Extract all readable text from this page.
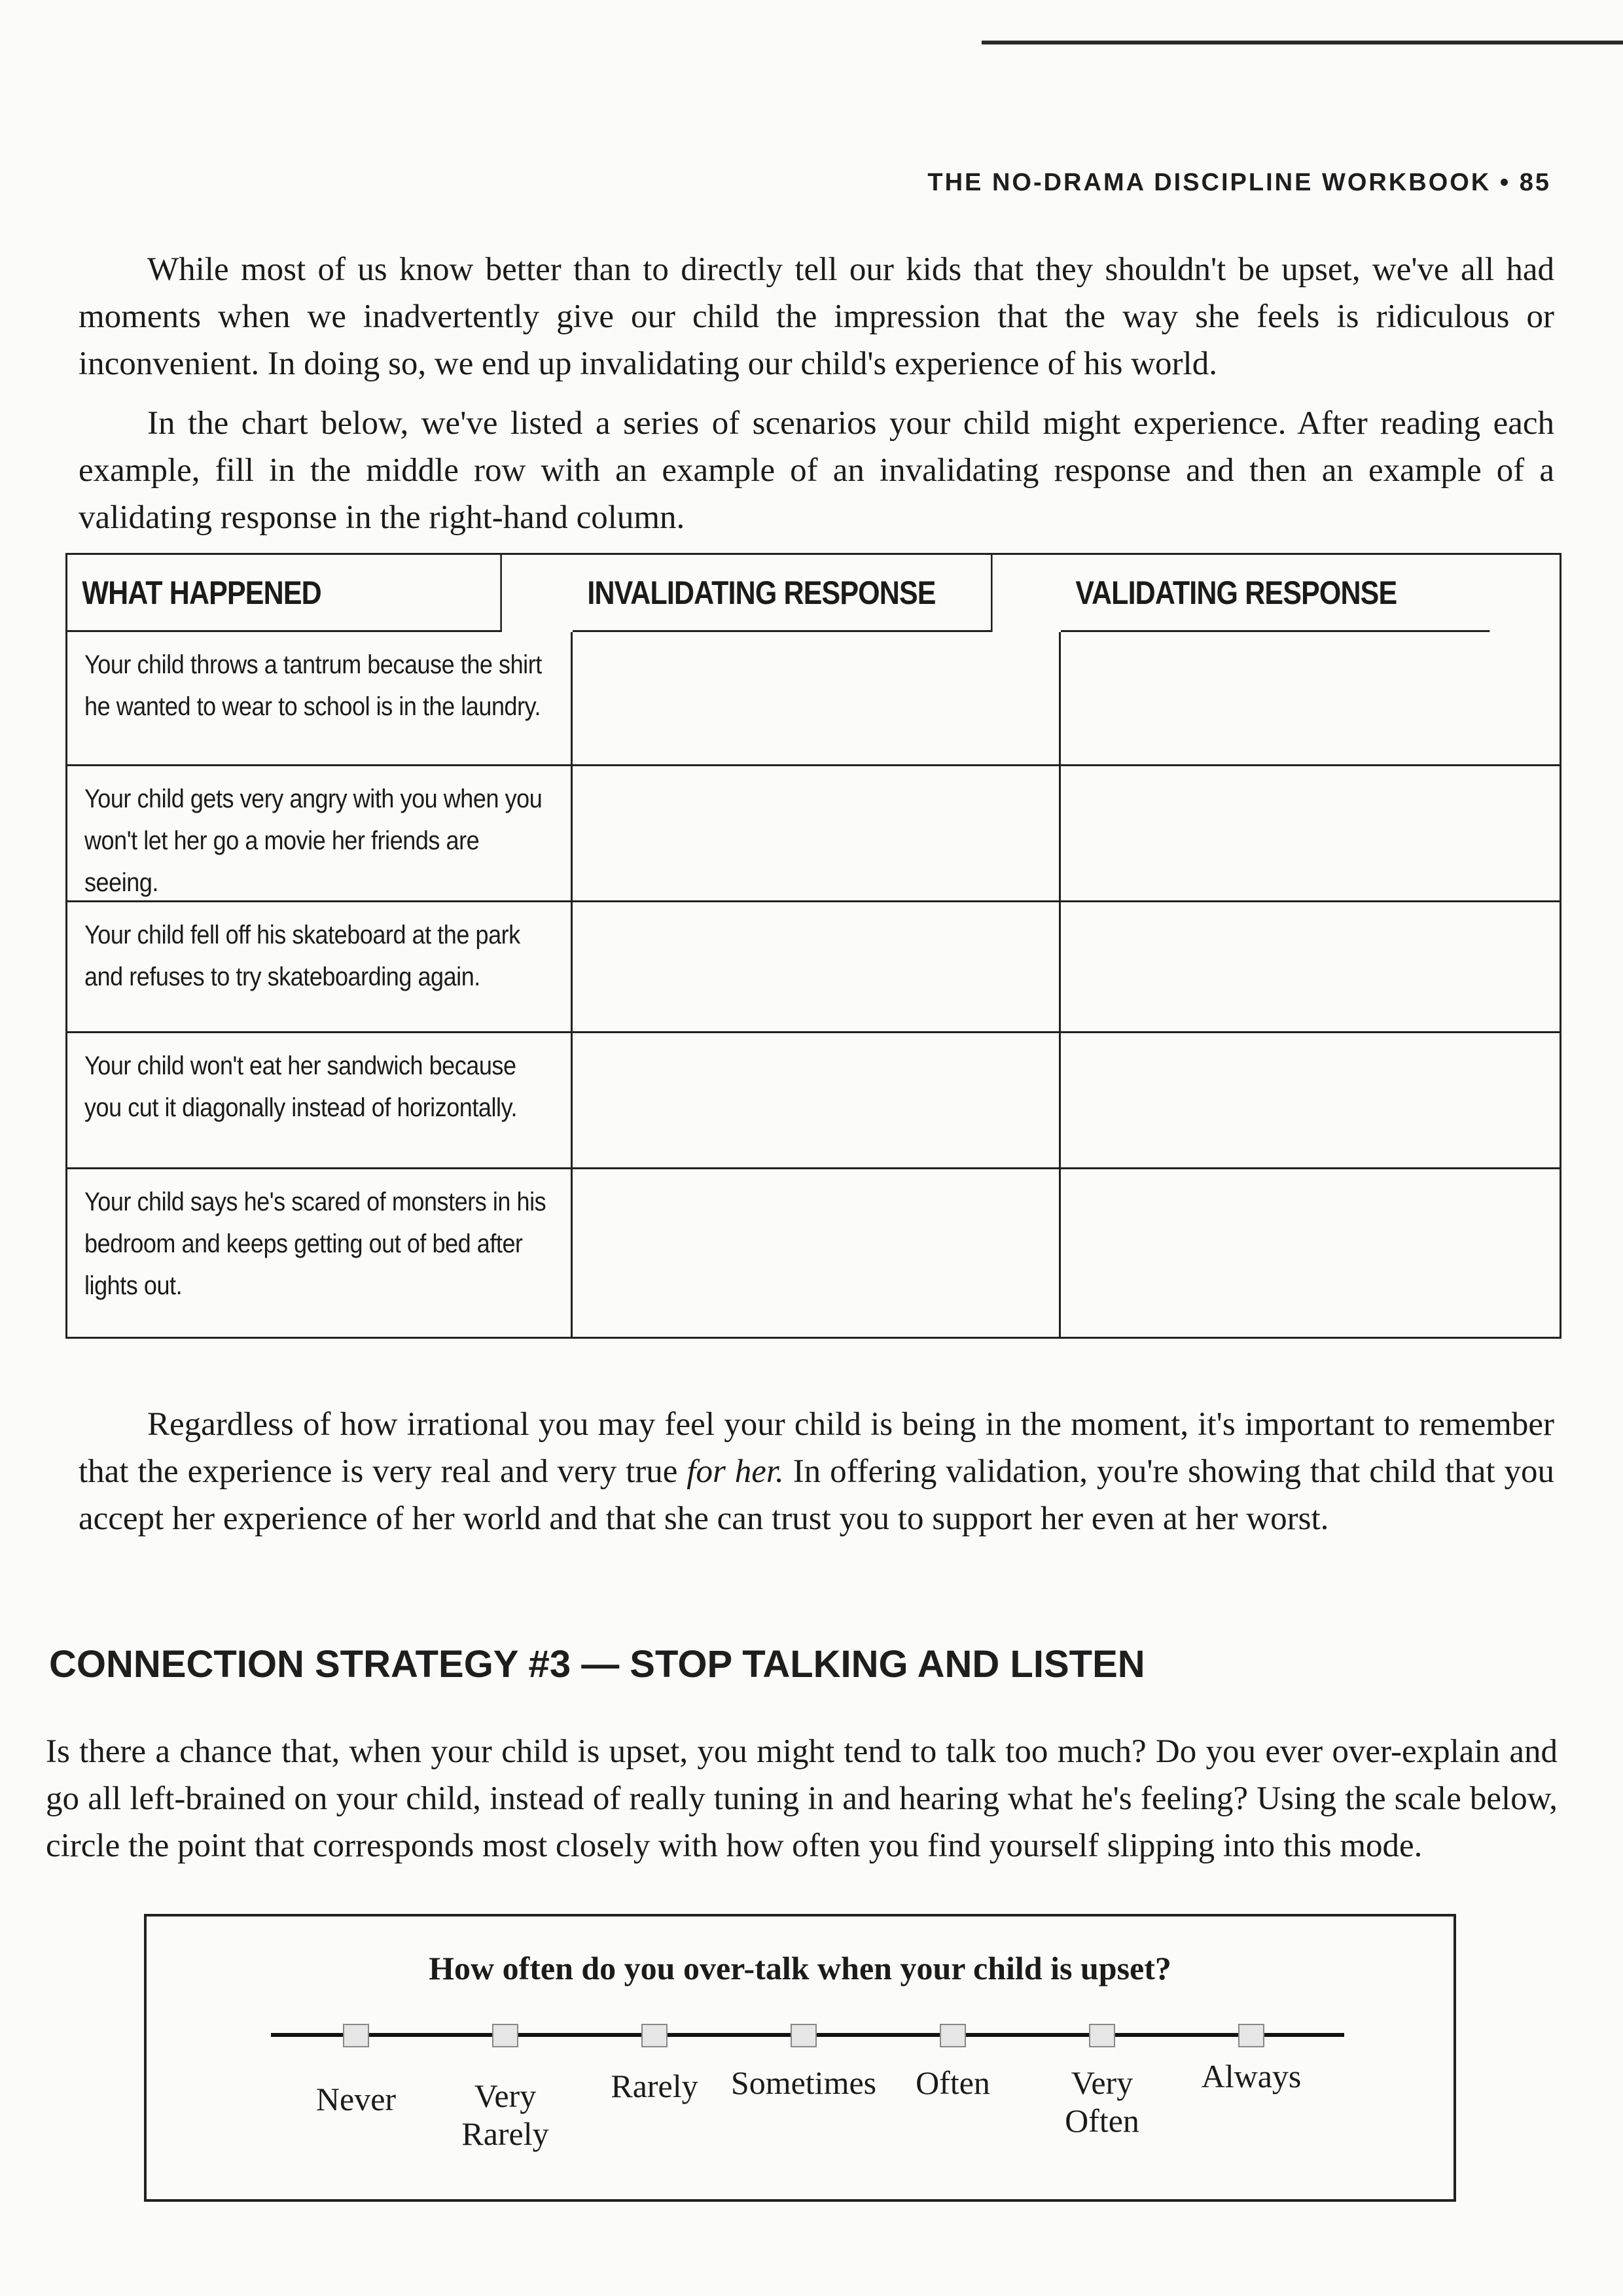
THE NO-DRAMA DISCIPLINE WORKBOOK • 85

While most of us know better than to directly tell our kids that they shouldn't be upset, we've all had moments when we inadvertently give our child the impression that the way she feels is ridiculous or inconvenient. In doing so, we end up invalidating our child's experience of his world.

In the chart below, we've listed a series of scenarios your child might experience. After reading each example, fill in the middle row with an example of an invalidating response and then an example of a validating response in the right-hand column.

WHAT HAPPENED	INVALIDATING RESPONSE	VALIDATING RESPONSE
Your child throws a tantrum because the shirt he wanted to wear to school is in the laundry.
Your child gets very angry with you when you won't let her go a movie her friends are seeing.
Your child fell off his skateboard at the park and refuses to try skateboarding again.
Your child won't eat her sandwich because you cut it diagonally instead of horizontally.
Your child says he's scared of monsters in his bedroom and keeps getting out of bed after lights out.

Regardless of how irrational you may feel your child is being in the moment, it's important to remember that the experience is very real and very true for her. In offering validation, you're showing that child that you accept her experience of her world and that she can trust you to support her even at her worst.

CONNECTION STRATEGY #3 — STOP TALKING AND LISTEN

Is there a chance that, when your child is upset, you might tend to talk too much? Do you ever over-explain and go all left-brained on your child, instead of really tuning in and hearing what he's feeling? Using the scale below, circle the point that corresponds most closely with how often you find yourself slipping into this mode.

How often do you over-talk when your child is upset?
Never	Very Rarely
Rarely	Sometimes	Often	Very Often
Always
